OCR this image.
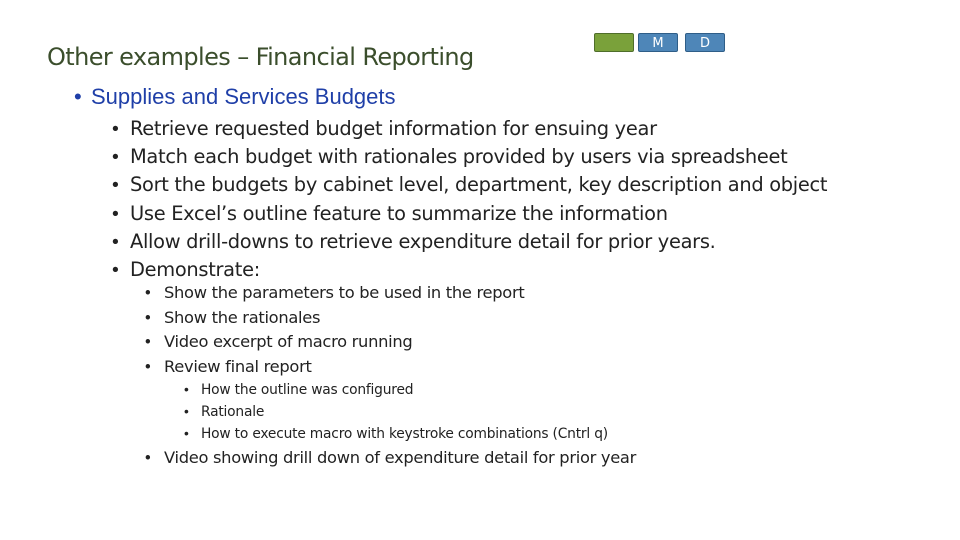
Other examples – Financial Reporting	M	D
• Supplies and Services Budgets
• Retrieve requested budget information for ensuing year
• Match each budget with rationales provided by users via spreadsheet
• Sort the budgets by cabinet level, department, key description and object
• Use Excel’s outline feature to summarize the information
• Allow drill-downs to retrieve expenditure detail for prior years.
• Demonstrate:
• Show the parameters to be used in the report
• Show the rationales
• Video excerpt of macro running
• Review final report
• How the outline was configured
• Rationale
• How to execute macro with keystroke combinations (Cntrl q)
• Video showing drill down of expenditure detail for prior year
